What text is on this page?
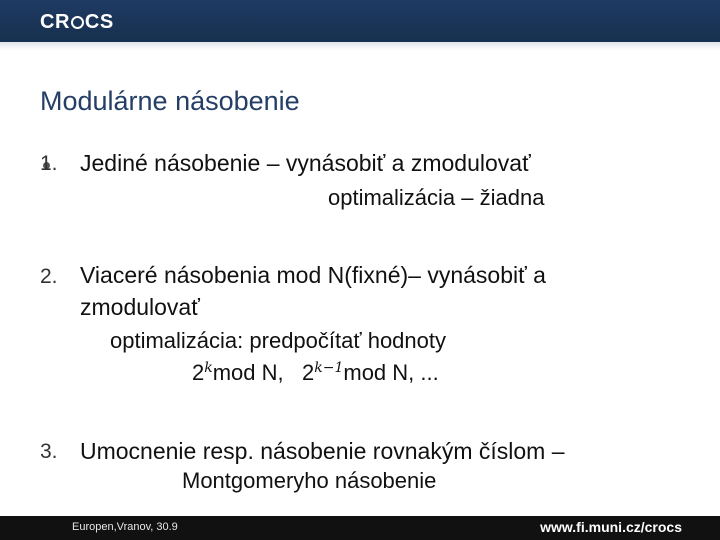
CR CS
Modulárne násobenie
1. Jediné násobenie – vynásobiť a zmodulovať
optimalizácia – žiadna
2. Viaceré násobenia mod N(fixné)– vynásobiť a
zmodulovať
optimalizácia: predpočítať hodnoty
2$^k$mod N, $2^{k-1}mod$ N, ...
3. Umocnenie resp. násobenie rovnakým číslom –
Montgomeryho násobenie
Europen,Vranov, 30.9	www.fi.muni.cz/crocs
